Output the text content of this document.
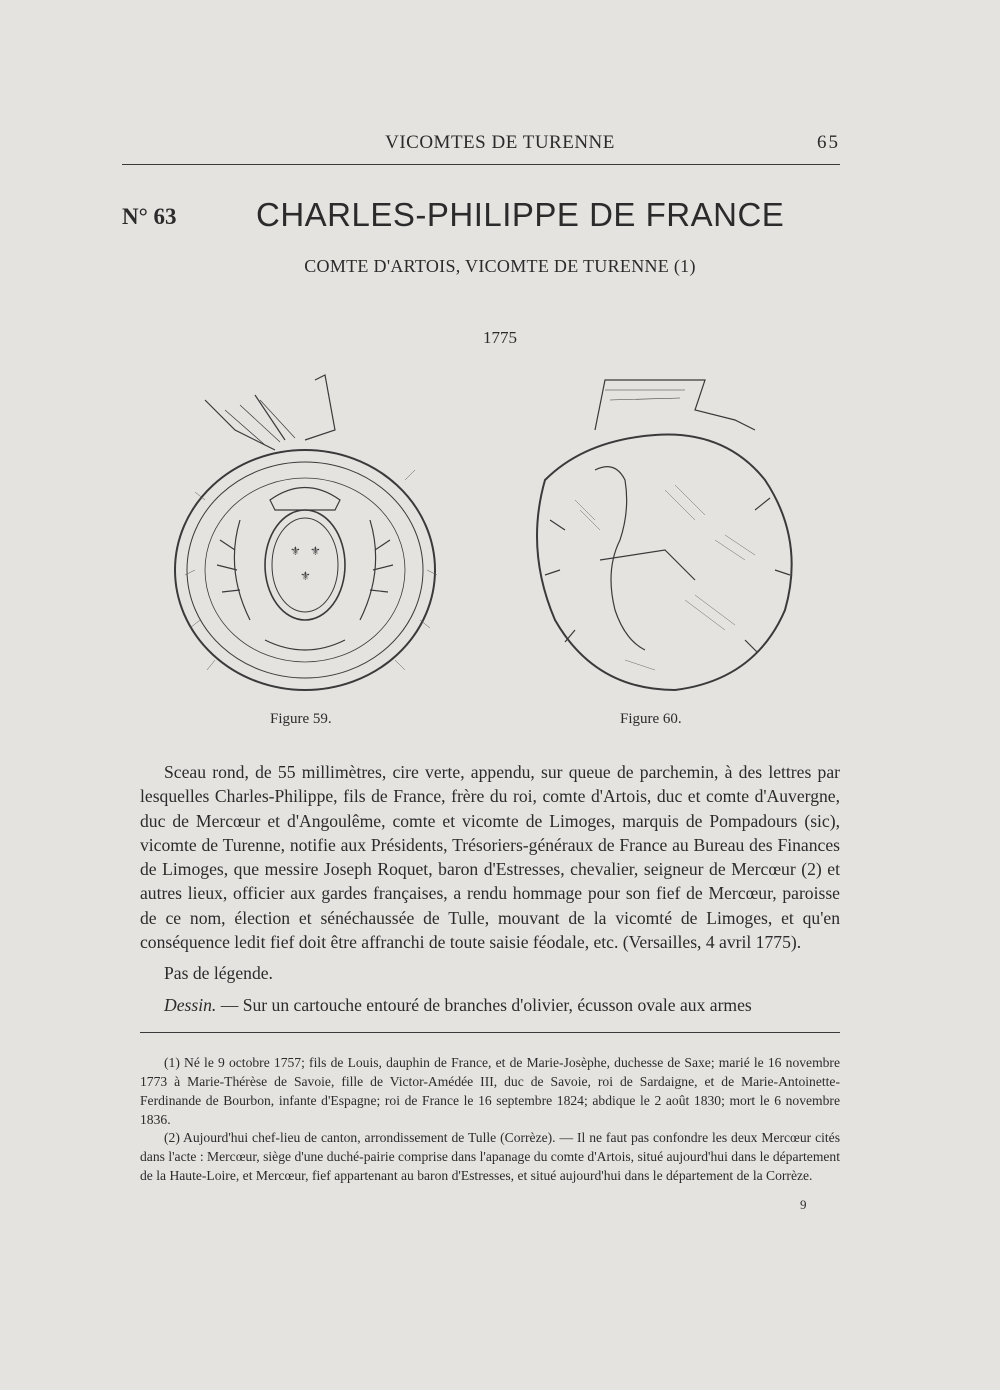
VICOMTES DE TURENNE	65
N° 63 CHARLES-PHILIPPE DE FRANCE
COMTE D'ARTOIS, VICOMTE DE TURENNE (1)
1775
⚜ ⚜
⚜
Figure 59.	Figure 60.

Sceau rond, de 55 millimètres, cire verte, appendu, sur queue de parchemin, à des lettres par lesquelles Charles-Philippe, fils de France, frère du roi, comte d'Artois, duc et comte d'Auvergne, duc de Mercœur et d'Angoulême, comte et vicomte de Limoges, marquis de Pompadours (sic), vicomte de Turenne, notifie aux Présidents, Trésoriers-généraux de France au Bureau des Finances de Limoges, que messire Joseph Roquet, baron d'Estresses, chevalier, seigneur de Mercœur (2) et autres lieux, officier aux gardes françaises, a rendu hommage pour son fief de Mercœur, paroisse de ce nom, élection et sénéchaussée de Tulle, mouvant de la vicomté de Limoges, et qu'en conséquence ledit fief doit être affranchi de toute saisie féodale, etc. (Versailles, 4 avril 1775).

Pas de légende.
Dessin. — Sur un cartouche entouré de branches d'olivier, écusson ovale aux armes

(1) Né le 9 octobre 1757; fils de Louis, dauphin de France, et de Marie-Josèphe, duchesse de Saxe; marié le 16 novembre 1773 à Marie-Thérèse de Savoie, fille de Victor-Amédée III, duc de Savoie, roi de Sardaigne, et de Marie-Antoinette-Ferdinande de Bourbon, infante d'Espagne; roi de France le 16 septembre 1824; abdique le 2 août 1830; mort le 6 novembre 1836.

(2) Aujourd'hui chef-lieu de canton, arrondissement de Tulle (Corrèze). — Il ne faut pas confondre les deux Mercœur cités dans l'acte : Mercœur, siège d'une duché-pairie comprise dans l'apanage du comte d'Artois, situé aujourd'hui dans le département de la Haute-Loire, et Mercœur, fief appartenant au baron d'Estresses, et situé aujourd'hui dans le département de la Corrèze.

9
